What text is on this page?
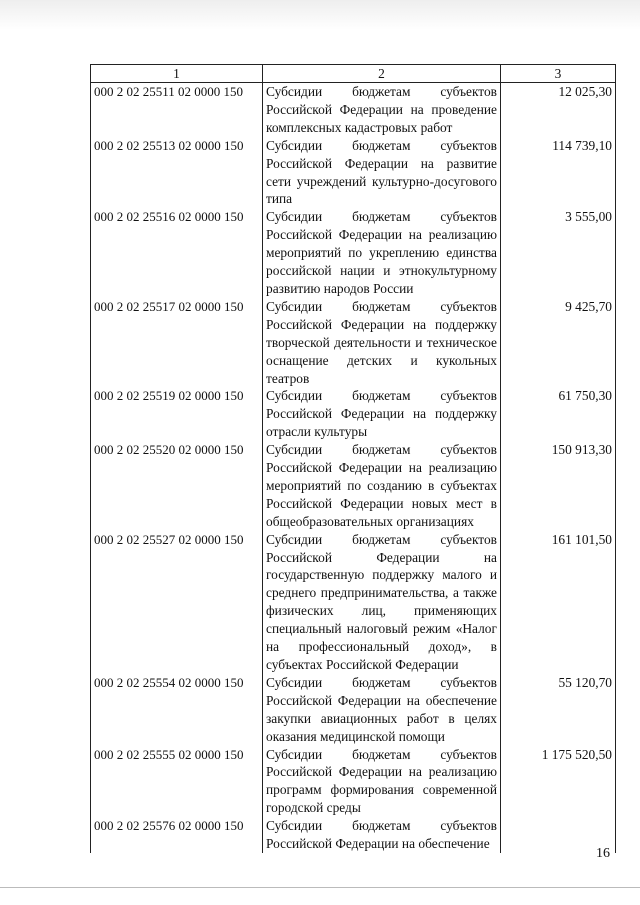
1	2	3
000 2 02 25511 02 0000 150	Субсидии бюджетам субъектов Российской Федерации на проведение комплексных кадастровых работ	12 025,30
000 2 02 25513 02 0000 150	Субсидии бюджетам субъектов Российской Федерации на развитие сети учреждений культурно-досугового типа	114 739,10
000 2 02 25516 02 0000 150	Субсидии бюджетам субъектов Российской Федерации на реализацию мероприятий по укреплению единства российской нации и этнокультурному развитию народов России	3 555,00
000 2 02 25517 02 0000 150	Субсидии бюджетам субъектов Российской Федерации на поддержку творческой деятельности и техническое оснащение детских и кукольных театров	9 425,70
000 2 02 25519 02 0000 150	Субсидии бюджетам субъектов Российской Федерации на поддержку отрасли культуры	61 750,30
000 2 02 25520 02 0000 150	Субсидии бюджетам субъектов Российской Федерации на реализацию мероприятий по созданию в субъектах Российской Федерации новых мест в общеобразовательных организациях	150 913,30
000 2 02 25527 02 0000 150	Субсидии бюджетам субъектов Российской Федерации на государственную поддержку малого и среднего предпринимательства, а также физических лиц, применяющих специальный налоговый режим «Налог на профессиональный доход», в субъектах Российской Федерации	161 101,50
000 2 02 25554 02 0000 150	Субсидии бюджетам субъектов Российской Федерации на обеспечение закупки авиационных работ в целях оказания медицинской помощи	55 120,70
000 2 02 25555 02 0000 150	Субсидии бюджетам субъектов Российской Федерации на реализацию программ формирования современной городской среды	1 175 520,50
000 2 02 25576 02 0000 150	Субсидии бюджетам субъектов Российской Федерации на обеспечение	
16
